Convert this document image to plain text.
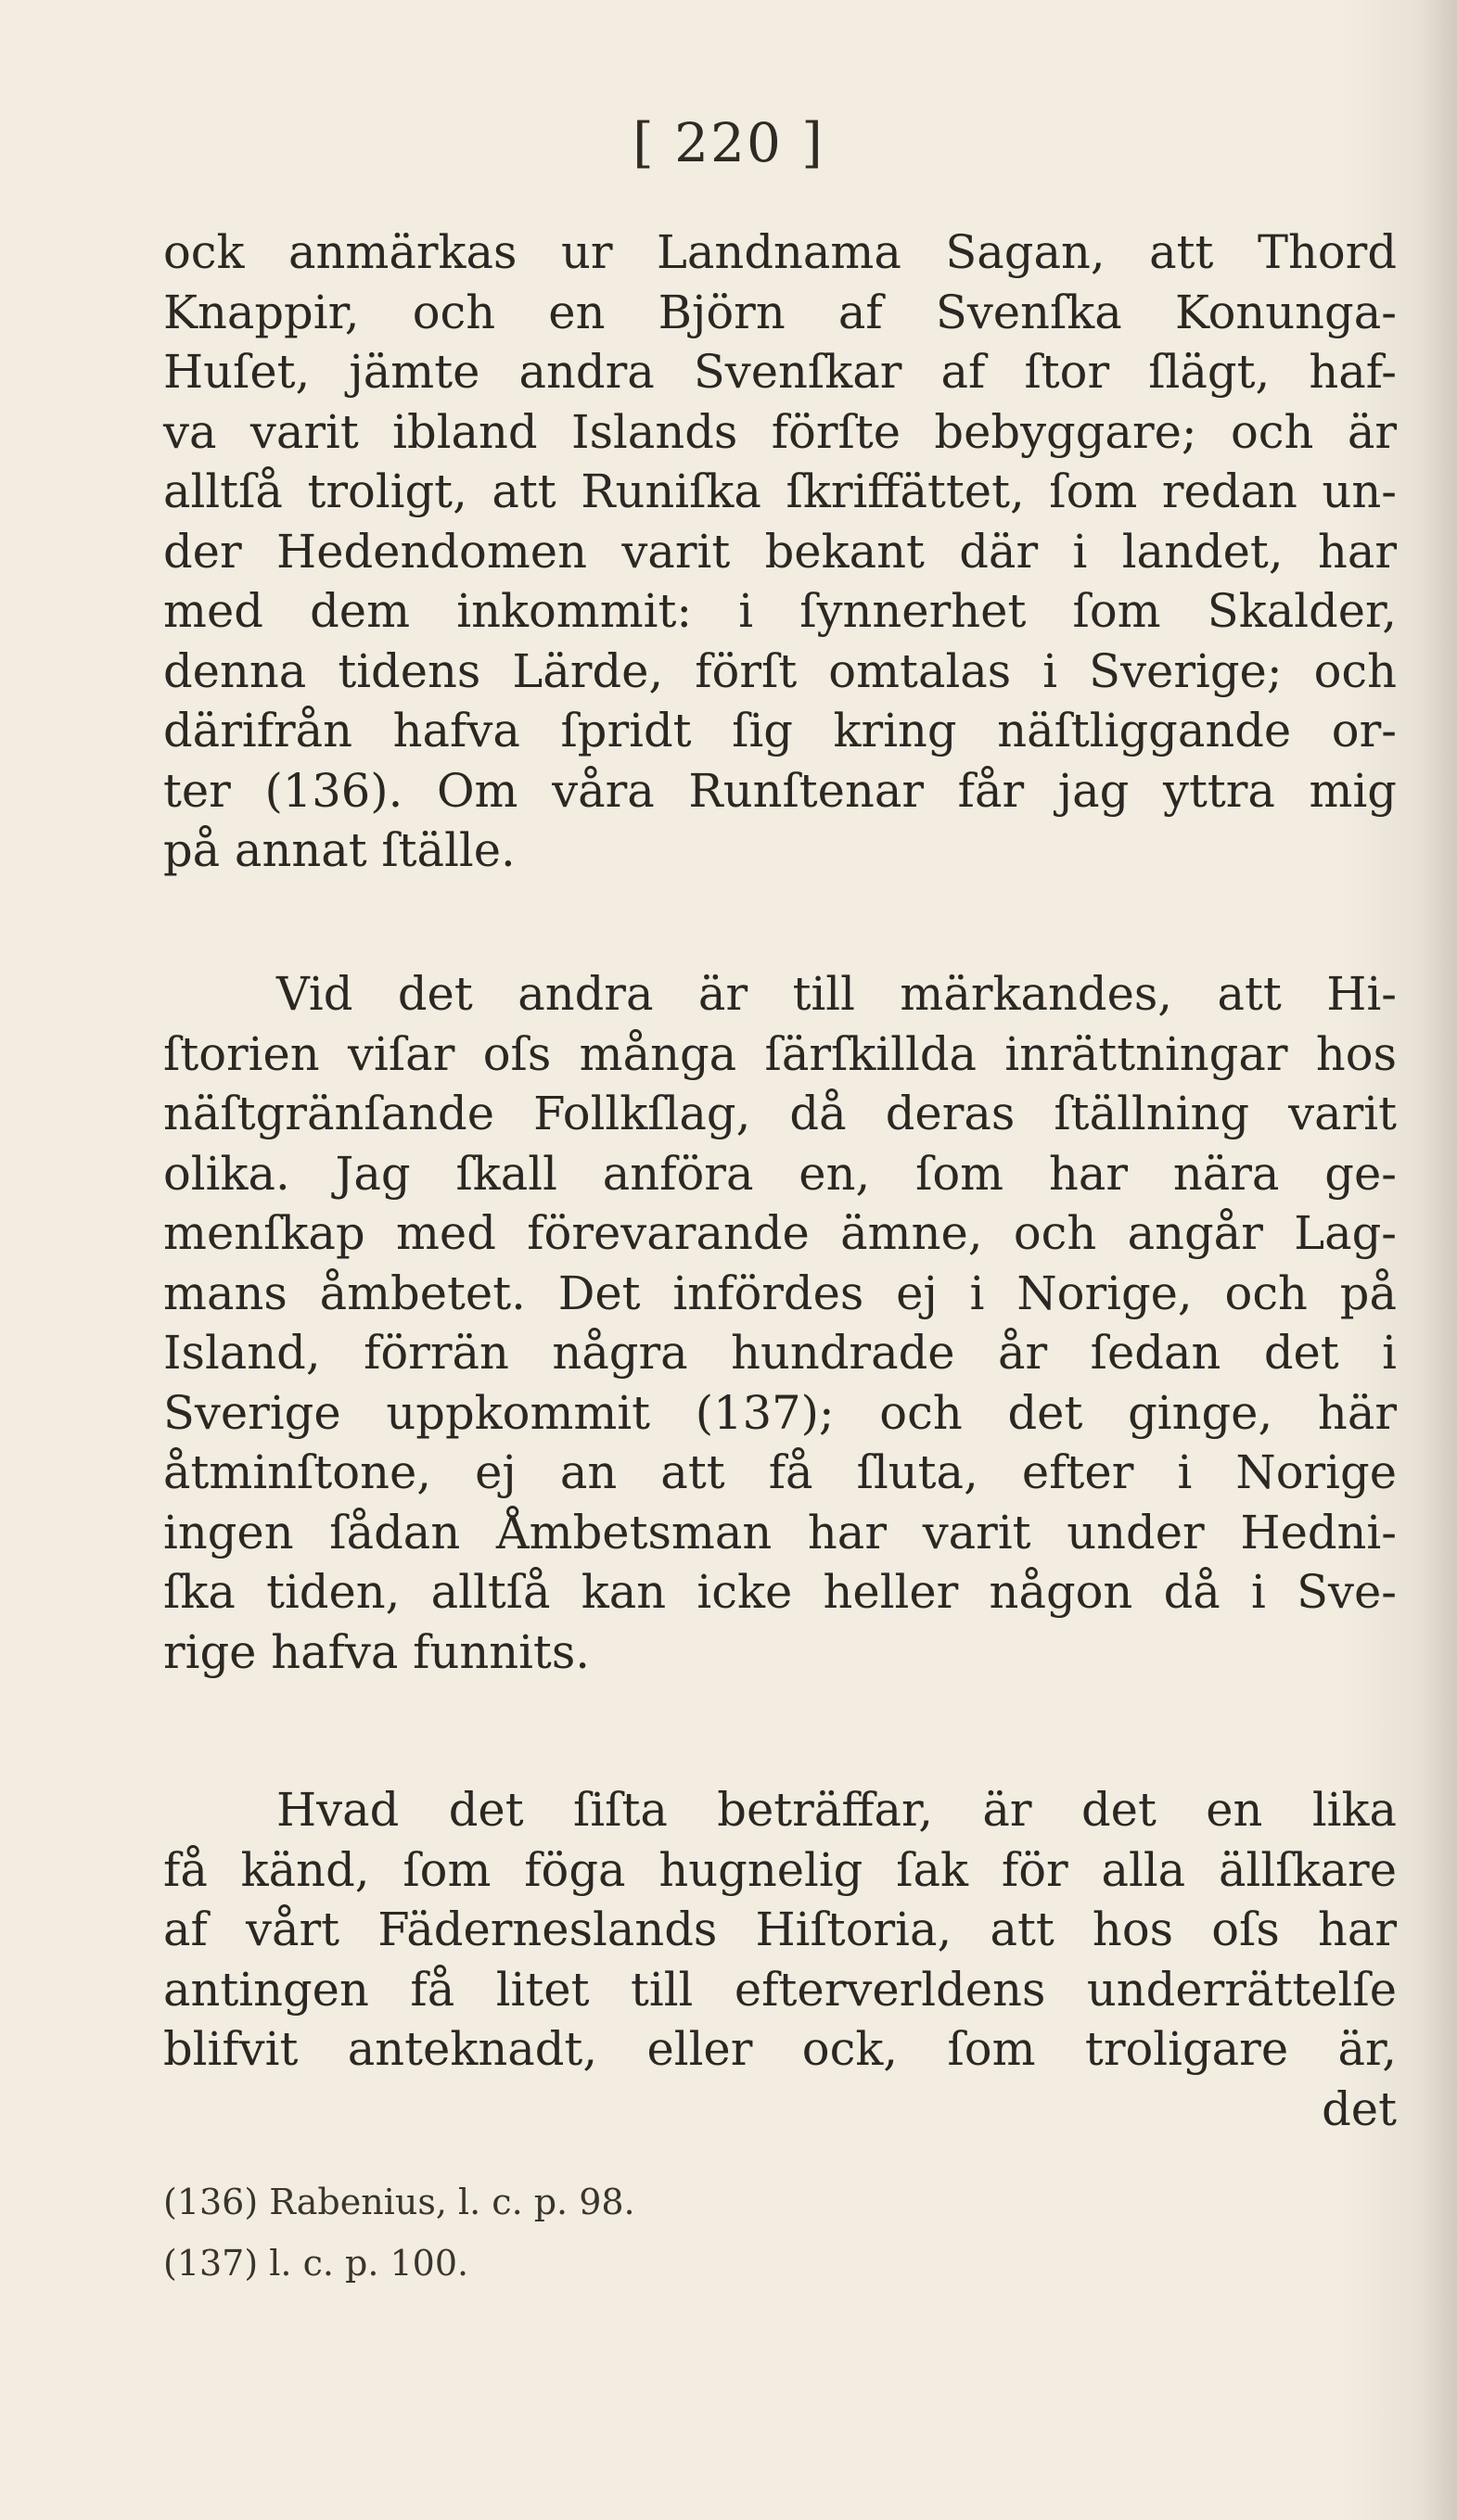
[ 220 ]
ock anmärkas ur Landnama Sagan, att Thord
Knappir, och en Björn af Svenſka Konunga-
Huſet, jämte andra Svenſkar af ſtor ſlägt, haf-
va varit ibland Islands förſte bebyggare; och är
alltſå troligt, att Runiſka ſkriffättet, ſom redan un-
der Hedendomen varit bekant där i landet, har
med dem inkommit: i ſynnerhet ſom Skalder,
denna tidens Lärde, förſt omtalas i Sverige; och
därifrån hafva ſpridt ſig kring näſtliggande or-
ter (136). Om våra Runſtenar får jag yttra mig
på annat ſtälle.
Vid det andra är till märkandes, att Hi-
ſtorien viſar oſs många ſärſkillda inrättningar hos
näſtgränſande Follkſlag, då deras ſtällning varit
olika. Jag ſkall anföra en, ſom har nära ge-
menſkap med förevarande ämne, och angår Lag-
mans åmbetet. Det infördes ej i Norige, och på
Island, förrän några hundrade år ſedan det i
Sverige uppkommit (137); och det ginge, här
åtminſtone, ej an att få ſluta, efter i Norige
ingen ſådan Åmbetsman har varit under Hedni-
ſka tiden, alltſå kan icke heller någon då i Sve-
rige hafva funnits.
Hvad det ſiſta beträffar, är det en lika
få känd, ſom föga hugnelig ſak för alla ällſkare
af vårt Fäderneslands Hiſtoria, att hos oſs har
antingen få litet till efterverldens underrättelſe
blifvit anteknadt, eller ock, ſom troligare är,
det
(136) Rabenius, l. c. p. 98.
(137) l. c. p. 100.
